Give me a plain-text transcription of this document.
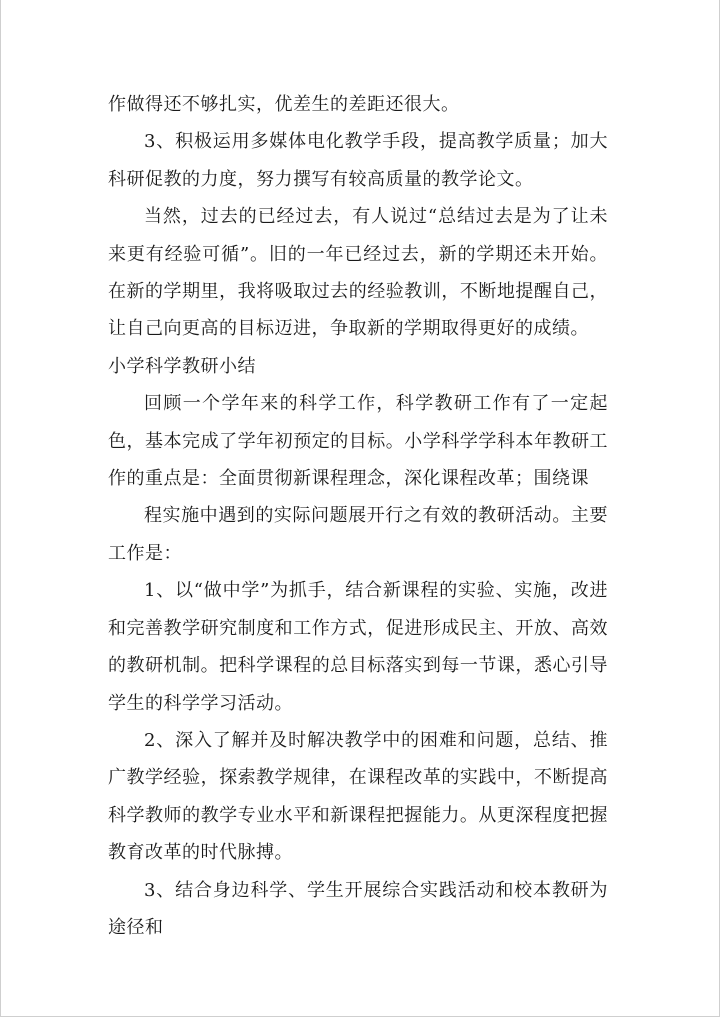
作做得还不够扎实，优差生的差距还很大。

3、积极运用多媒体电化教学手段，提高教学质量；加大科研促教的力度，努力撰写有较高质量的教学论文。

当然，过去的已经过去，有人说过“总结过去是为了让未来更有经验可循”。旧的一年已经过去，新的学期还未开始。在新的学期里，我将吸取过去的经验教训，不断地提醒自己，让自己向更高的目标迈进，争取新的学期取得更好的成绩。

小学科学教研小结

回顾一个学年来的科学工作，科学教研工作有了一定起色，基本完成了学年初预定的目标。小学科学学科本年教研工作的重点是：全面贯彻新课程理念，深化课程改革；围绕课

程实施中遇到的实际问题展开行之有效的教研活动。主要工作是：

1、以“做中学”为抓手，结合新课程的实验、实施，改进和完善教学研究制度和工作方式，促进形成民主、开放、高效的教研机制。把科学课程的总目标落实到每一节课，悉心引导学生的科学学习活动。

2、深入了解并及时解决教学中的困难和问题，总结、推广教学经验，探索教学规律，在课程改革的实践中，不断提高科学教师的教学专业水平和新课程把握能力。从更深程度把握教育改革的时代脉搏。

3、结合身边科学、学生开展综合实践活动和校本教研为途径和
